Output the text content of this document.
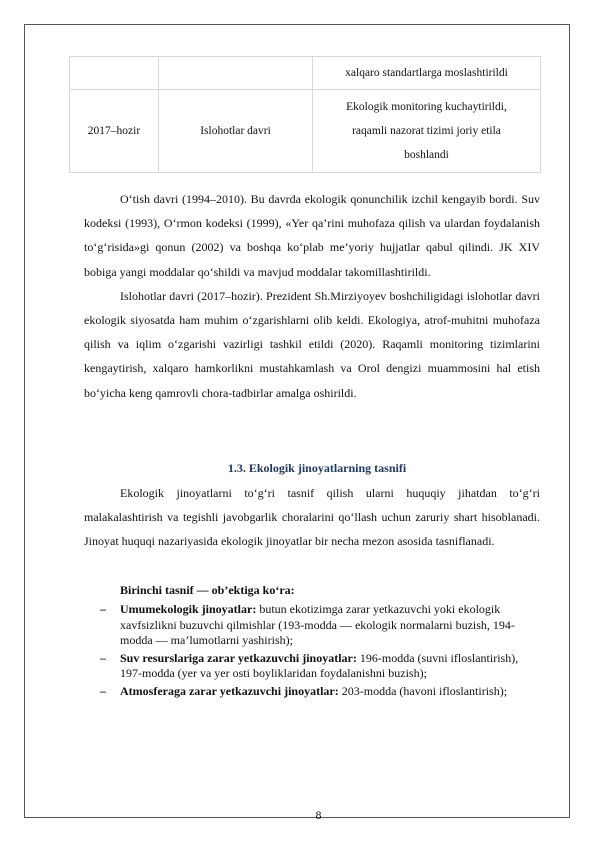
		xalqaro standartlarga moslashtirildi
2017–hozir	Islohotlar davri	Ekologik monitoring kuchaytirildi,
raqamli nazorat tizimi joriy etila
boshlandi

O‘tish davri (1994–2010). Bu davrda ekologik qonunchilik izchil kengayib bordi. Suv kodeksi (1993), O‘rmon kodeksi (1999), «Yer qa’rini muhofaza qilish va ulardan foydalanish to‘g‘risida»gi qonun (2002) va boshqa ko‘plab me’yoriy hujjatlar qabul qilindi. JK XIV bobiga yangi moddalar qo‘shildi va mavjud moddalar takomillashtirildi.

Islohotlar davri (2017–hozir). Prezident Sh.Mirziyoyev boshchiligidagi islohotlar davri ekologik siyosatda ham muhim o‘zgarishlarni olib keldi. Ekologiya, atrof-muhitni muhofaza qilish va iqlim o‘zgarishi vazirligi tashkil etildi (2020). Raqamli monitoring tizimlarini kengaytirish, xalqaro hamkorlikni mustahkamlash va Orol dengizi muammosini hal etish bo‘yicha keng qamrovli chora-tadbirlar amalga oshirildi.

1.3. Ekologik jinoyatlarning tasnifi

Ekologik jinoyatlarni to‘g‘ri tasnif qilish ularni huquqiy jihatdan to‘g‘ri malakalashtirish va tegishli javobgarlik choralarini qo‘llash uchun zaruriy shart hisoblanadi. Jinoyat huquqi nazariyasida ekologik jinoyatlar bir necha mezon asosida tasniflanadi.

Birinchi tasnif — ob’ektiga ko‘ra:
–	Umumekologik jinoyatlar: butun ekotizimga zarar yetkazuvchi yoki ekologik xavfsizlikni buzuvchi qilmishlar (193-modda — ekologik normalarni buzish, 194-modda — ma’lumotlarni yashirish);
–	Suv resurslariga zarar yetkazuvchi jinoyatlar: 196-modda (suvni ifloslantirish), 197-modda (yer va yer osti boyliklaridan foydalanishni buzish);
–	Atmosferaga zarar yetkazuvchi jinoyatlar: 203-modda (havoni ifloslantirish);
8
